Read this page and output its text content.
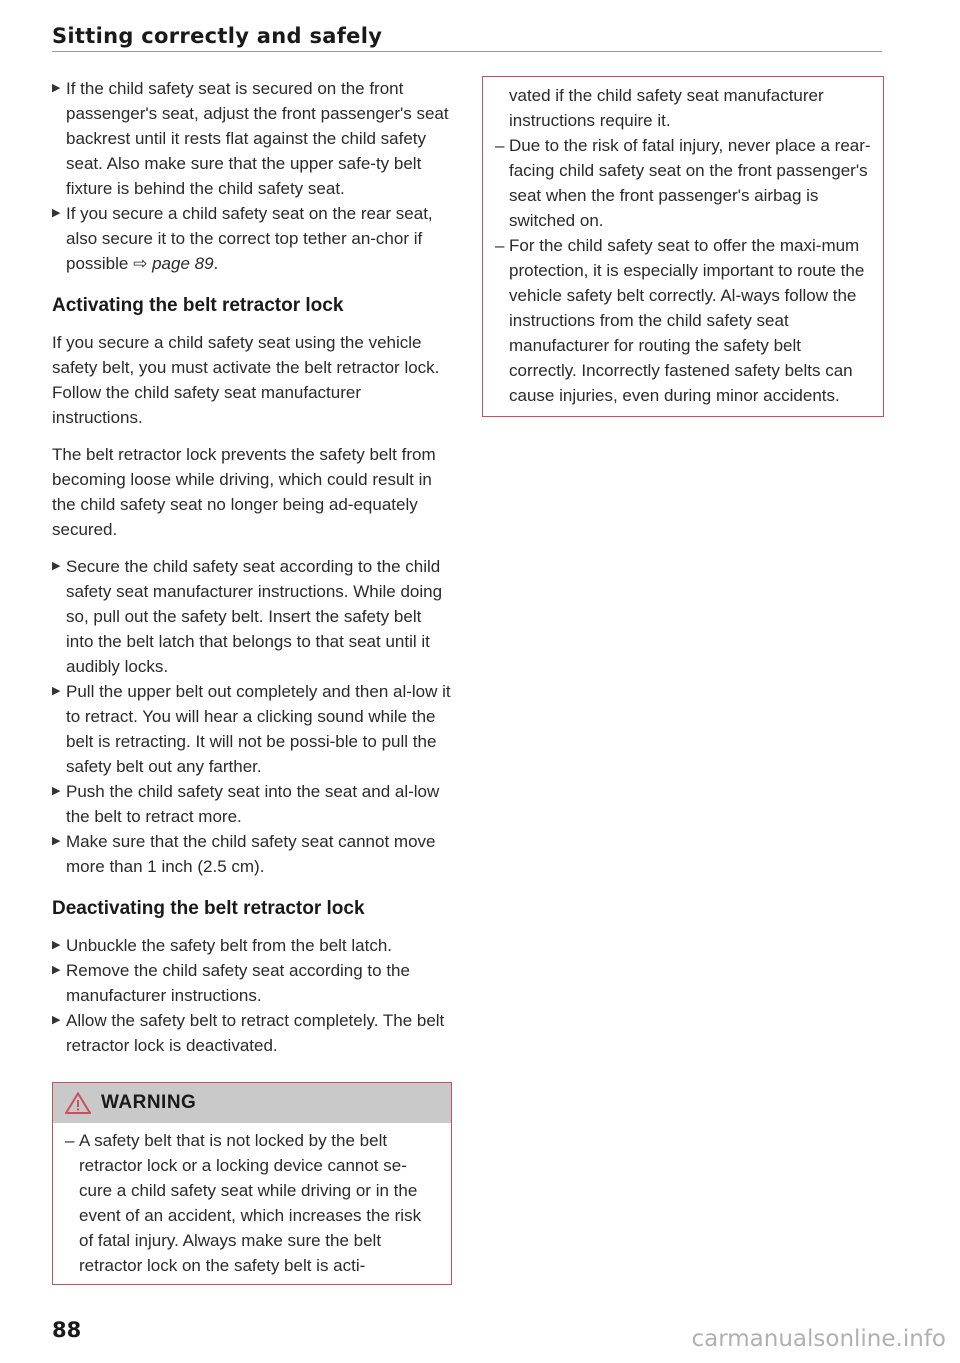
Sitting correctly and safely
▶ If the child safety seat is secured on the front passenger's seat, adjust the front passenger's seat backrest until it rests flat against the child safety seat. Also make sure that the upper safe-ty belt fixture is behind the child safety seat.
▶ If you secure a child safety seat on the rear seat, also secure it to the correct top tether an-chor if possible ⇨ page 89.
Activating the belt retractor lock

If you secure a child safety seat using the vehicle safety belt, you must activate the belt retractor lock. Follow the child safety seat manufacturer instructions.

The belt retractor lock prevents the safety belt from becoming loose while driving, which could result in the child safety seat no longer being ad-equately secured.

▶ Secure the child safety seat according to the child safety seat manufacturer instructions. While doing so, pull out the safety belt. Insert the safety belt into the belt latch that belongs to that seat until it audibly locks.
▶ Pull the upper belt out completely and then al-low it to retract. You will hear a clicking sound while the belt is retracting. It will not be possi-ble to pull the safety belt out any farther.
▶ Push the child safety seat into the seat and al-low the belt to retract more.
▶ Make sure that the child safety seat cannot move more than 1 inch (2.5 cm).
Deactivating the belt retractor lock
▶ Unbuckle the safety belt from the belt latch.
▶ Remove the child safety seat according to the manufacturer instructions.
▶ Allow the safety belt to retract completely. The belt retractor lock is deactivated.
WARNING
– A safety belt that is not locked by the belt retractor lock or a locking device cannot se-cure a child safety seat while driving or in the event of an accident, which increases the risk of fatal injury. Always make sure the belt retractor lock on the safety belt is acti-
vated if the child safety seat manufacturer instructions require it.
– Due to the risk of fatal injury, never place a rear-facing child safety seat on the front passenger's seat when the front passenger's airbag is switched on.
– For the child safety seat to offer the maxi-mum protection, it is especially important to route the vehicle safety belt correctly. Al-ways follow the instructions from the child safety seat manufacturer for routing the safety belt correctly. Incorrectly fastened safety belts can cause injuries, even during minor accidents.
88	carmanualsonline.info
